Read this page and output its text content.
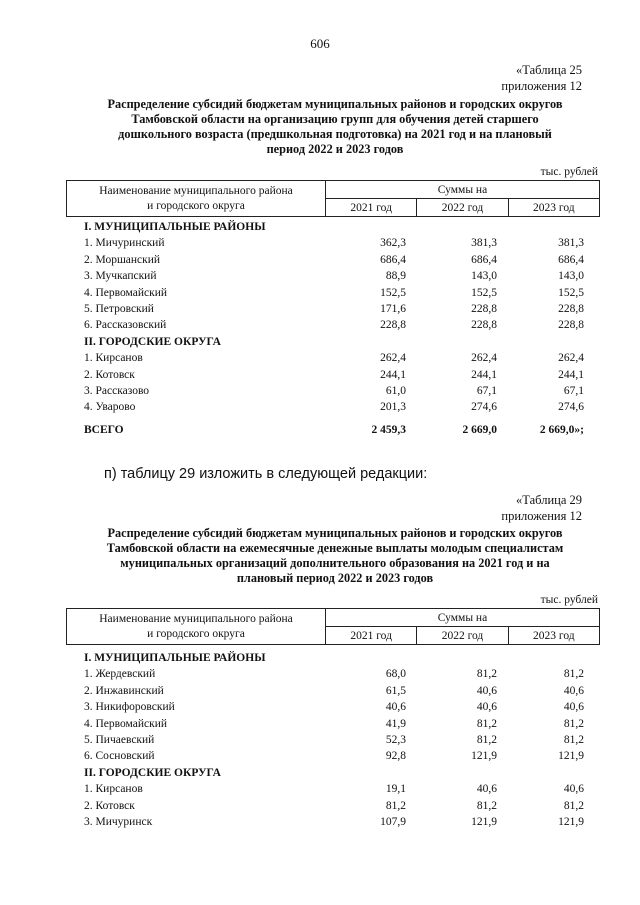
606
«Таблица 25
приложения 12
Распределение субсидий бюджетам муниципальных районов и городских округов
Тамбовской области на организацию групп для обучения детей старшего
дошкольного возраста (предшкольная подготовка) на 2021 год и на плановый
период 2022 и 2023 годов
тыс. рублей
Наименование муниципального района
и городского округа	Суммы на		
	2021 год	2022 год	2023 год
I. МУНИЦИПАЛЬНЫЕ РАЙОНЫ			
1. Мичуринский	362,3	381,3	381,3
2. Моршанский	686,4	686,4	686,4
3. Мучкапский	88,9	143,0	143,0
4. Первомайский	152,5	152,5	152,5
5. Петровский	171,6	228,8	228,8
6. Рассказовский	228,8	228,8	228,8
II. ГОРОДСКИЕ ОКРУГА			
1. Кирсанов	262,4	262,4	262,4
2. Котовск	244,1	244,1	244,1
3. Рассказово	61,0	67,1	67,1
4. Уварово	201,3	274,6	274,6
ВСЕГО	2 459,3	2 669,0	2 669,0»;
п) таблицу 29 изложить в следующей редакции:
«Таблица 29
приложения 12
Распределение субсидий бюджетам муниципальных районов и городских округов
Тамбовской области на ежемесячные денежные выплаты молодым специалистам
муниципальных организаций дополнительного образования на 2021 год и на
плановый период 2022 и 2023 годов
тыс. рублей
Наименование муниципального района
и городского округа	Суммы на		
	2021 год	2022 год	2023 год
I. МУНИЦИПАЛЬНЫЕ РАЙОНЫ			
1. Жердевский	68,0	81,2	81,2
2. Инжавинский	61,5	40,6	40,6
3. Никифоровский	40,6	40,6	40,6
4. Первомайский	41,9	81,2	81,2
5. Пичаевский	52,3	81,2	81,2
6. Сосновский	92,8	121,9	121,9
II. ГОРОДСКИЕ ОКРУГА			
1. Кирсанов	19,1	40,6	40,6
2. Котовск	81,2	81,2	81,2
3. Мичуринск	107,9	121,9	121,9
